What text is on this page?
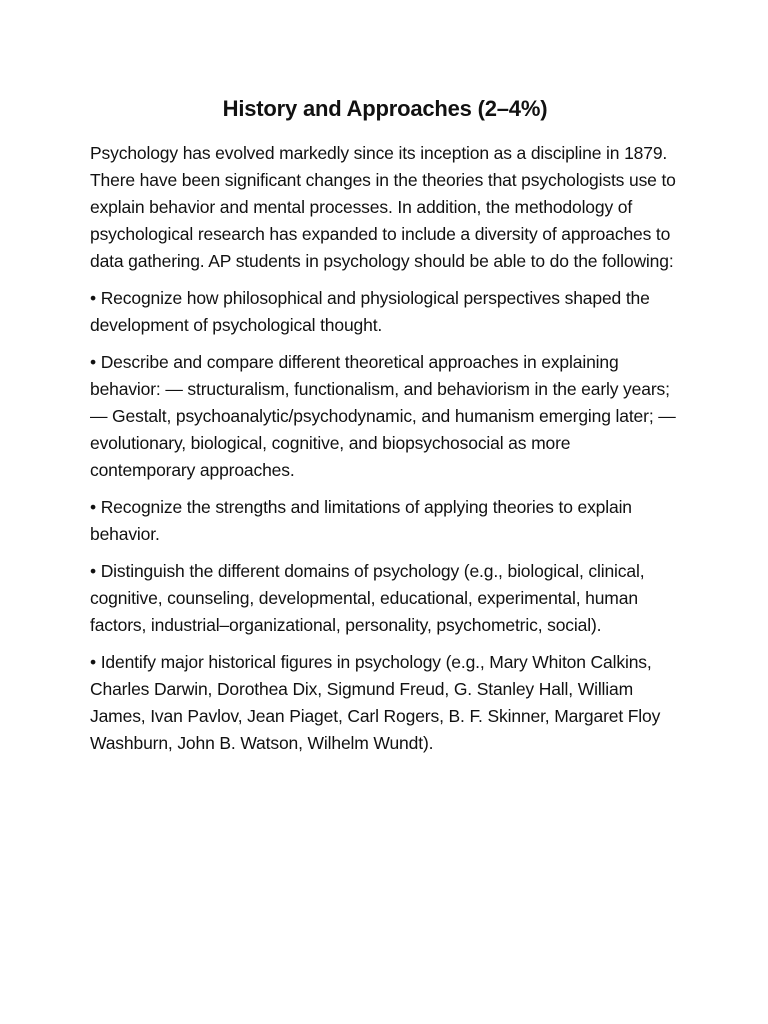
History and Approaches (2–4%)

Psychology has evolved markedly since its inception as a discipline in 1879. There have been significant changes in the theories that psychologists use to explain behavior and mental processes. In addition, the methodology of psychological research has expanded to include a diversity of approaches to data gathering. AP students in psychology should be able to do the following:

• Recognize how philosophical and physiological perspectives shaped the development of psychological thought.

• Describe and compare different theoretical approaches in explaining behavior: — structuralism, functionalism, and behaviorism in the early years; — Gestalt, psychoanalytic/psychodynamic, and humanism emerging later; — evolutionary, biological, cognitive, and biopsychosocial as more contemporary approaches.

• Recognize the strengths and limitations of applying theories to explain behavior.

• Distinguish the different domains of psychology (e.g., biological, clinical, cognitive, counseling, developmental, educational, experimental, human factors, industrial–organizational, personality, psychometric, social).

• Identify major historical figures in psychology (e.g., Mary Whiton Calkins, Charles Darwin, Dorothea Dix, Sigmund Freud, G. Stanley Hall, William James, Ivan Pavlov, Jean Piaget, Carl Rogers, B. F. Skinner, Margaret Floy Washburn, John B. Watson, Wilhelm Wundt).
